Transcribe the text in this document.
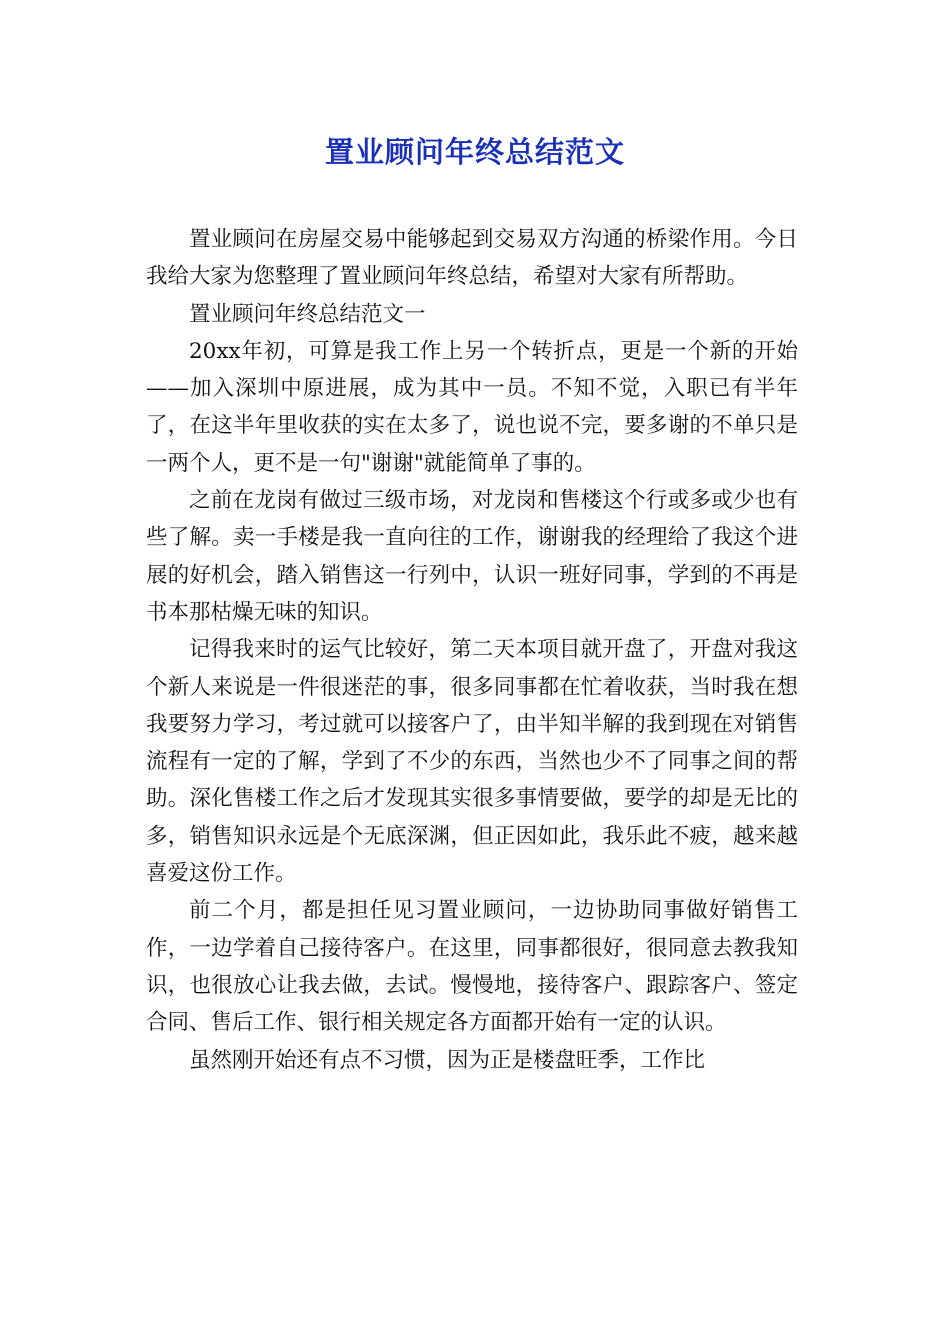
置业顾问年终总结范文

置业顾问在房屋交易中能够起到交易双方沟通的桥梁作用。今日我给大家为您整理了置业顾问年终总结，希望对大家有所帮助。

置业顾问年终总结范文一

20xx年初，可算是我工作上另一个转折点，更是一个新的开始——加入深圳中原进展，成为其中一员。不知不觉，入职已有半年了，在这半年里收获的实在太多了，说也说不完，要多谢的不单只是一两个人，更不是一句"谢谢"就能简单了事的。

之前在龙岗有做过三级市场，对龙岗和售楼这个行或多或少也有些了解。卖一手楼是我一直向往的工作，谢谢我的经理给了我这个进展的好机会，踏入销售这一行列中，认识一班好同事，学到的不再是书本那枯燥无味的知识。

记得我来时的运气比较好，第二天本项目就开盘了，开盘对我这个新人来说是一件很迷茫的事，很多同事都在忙着收获，当时我在想我要努力学习，考过就可以接客户了，由半知半解的我到现在对销售流程有一定的了解，学到了不少的东西，当然也少不了同事之间的帮助。深化售楼工作之后才发现其实很多事情要做，要学的却是无比的多，销售知识永远是个无底深渊，但正因如此，我乐此不疲，越来越喜爱这份工作。

前二个月，都是担任见习置业顾问，一边协助同事做好销售工作，一边学着自己接待客户。在这里，同事都很好，很同意去教我知识，也很放心让我去做，去试。慢慢地，接待客户、跟踪客户、签定合同、售后工作、银行相关规定各方面都开始有一定的认识。

虽然刚开始还有点不习惯，因为正是楼盘旺季，工作比
